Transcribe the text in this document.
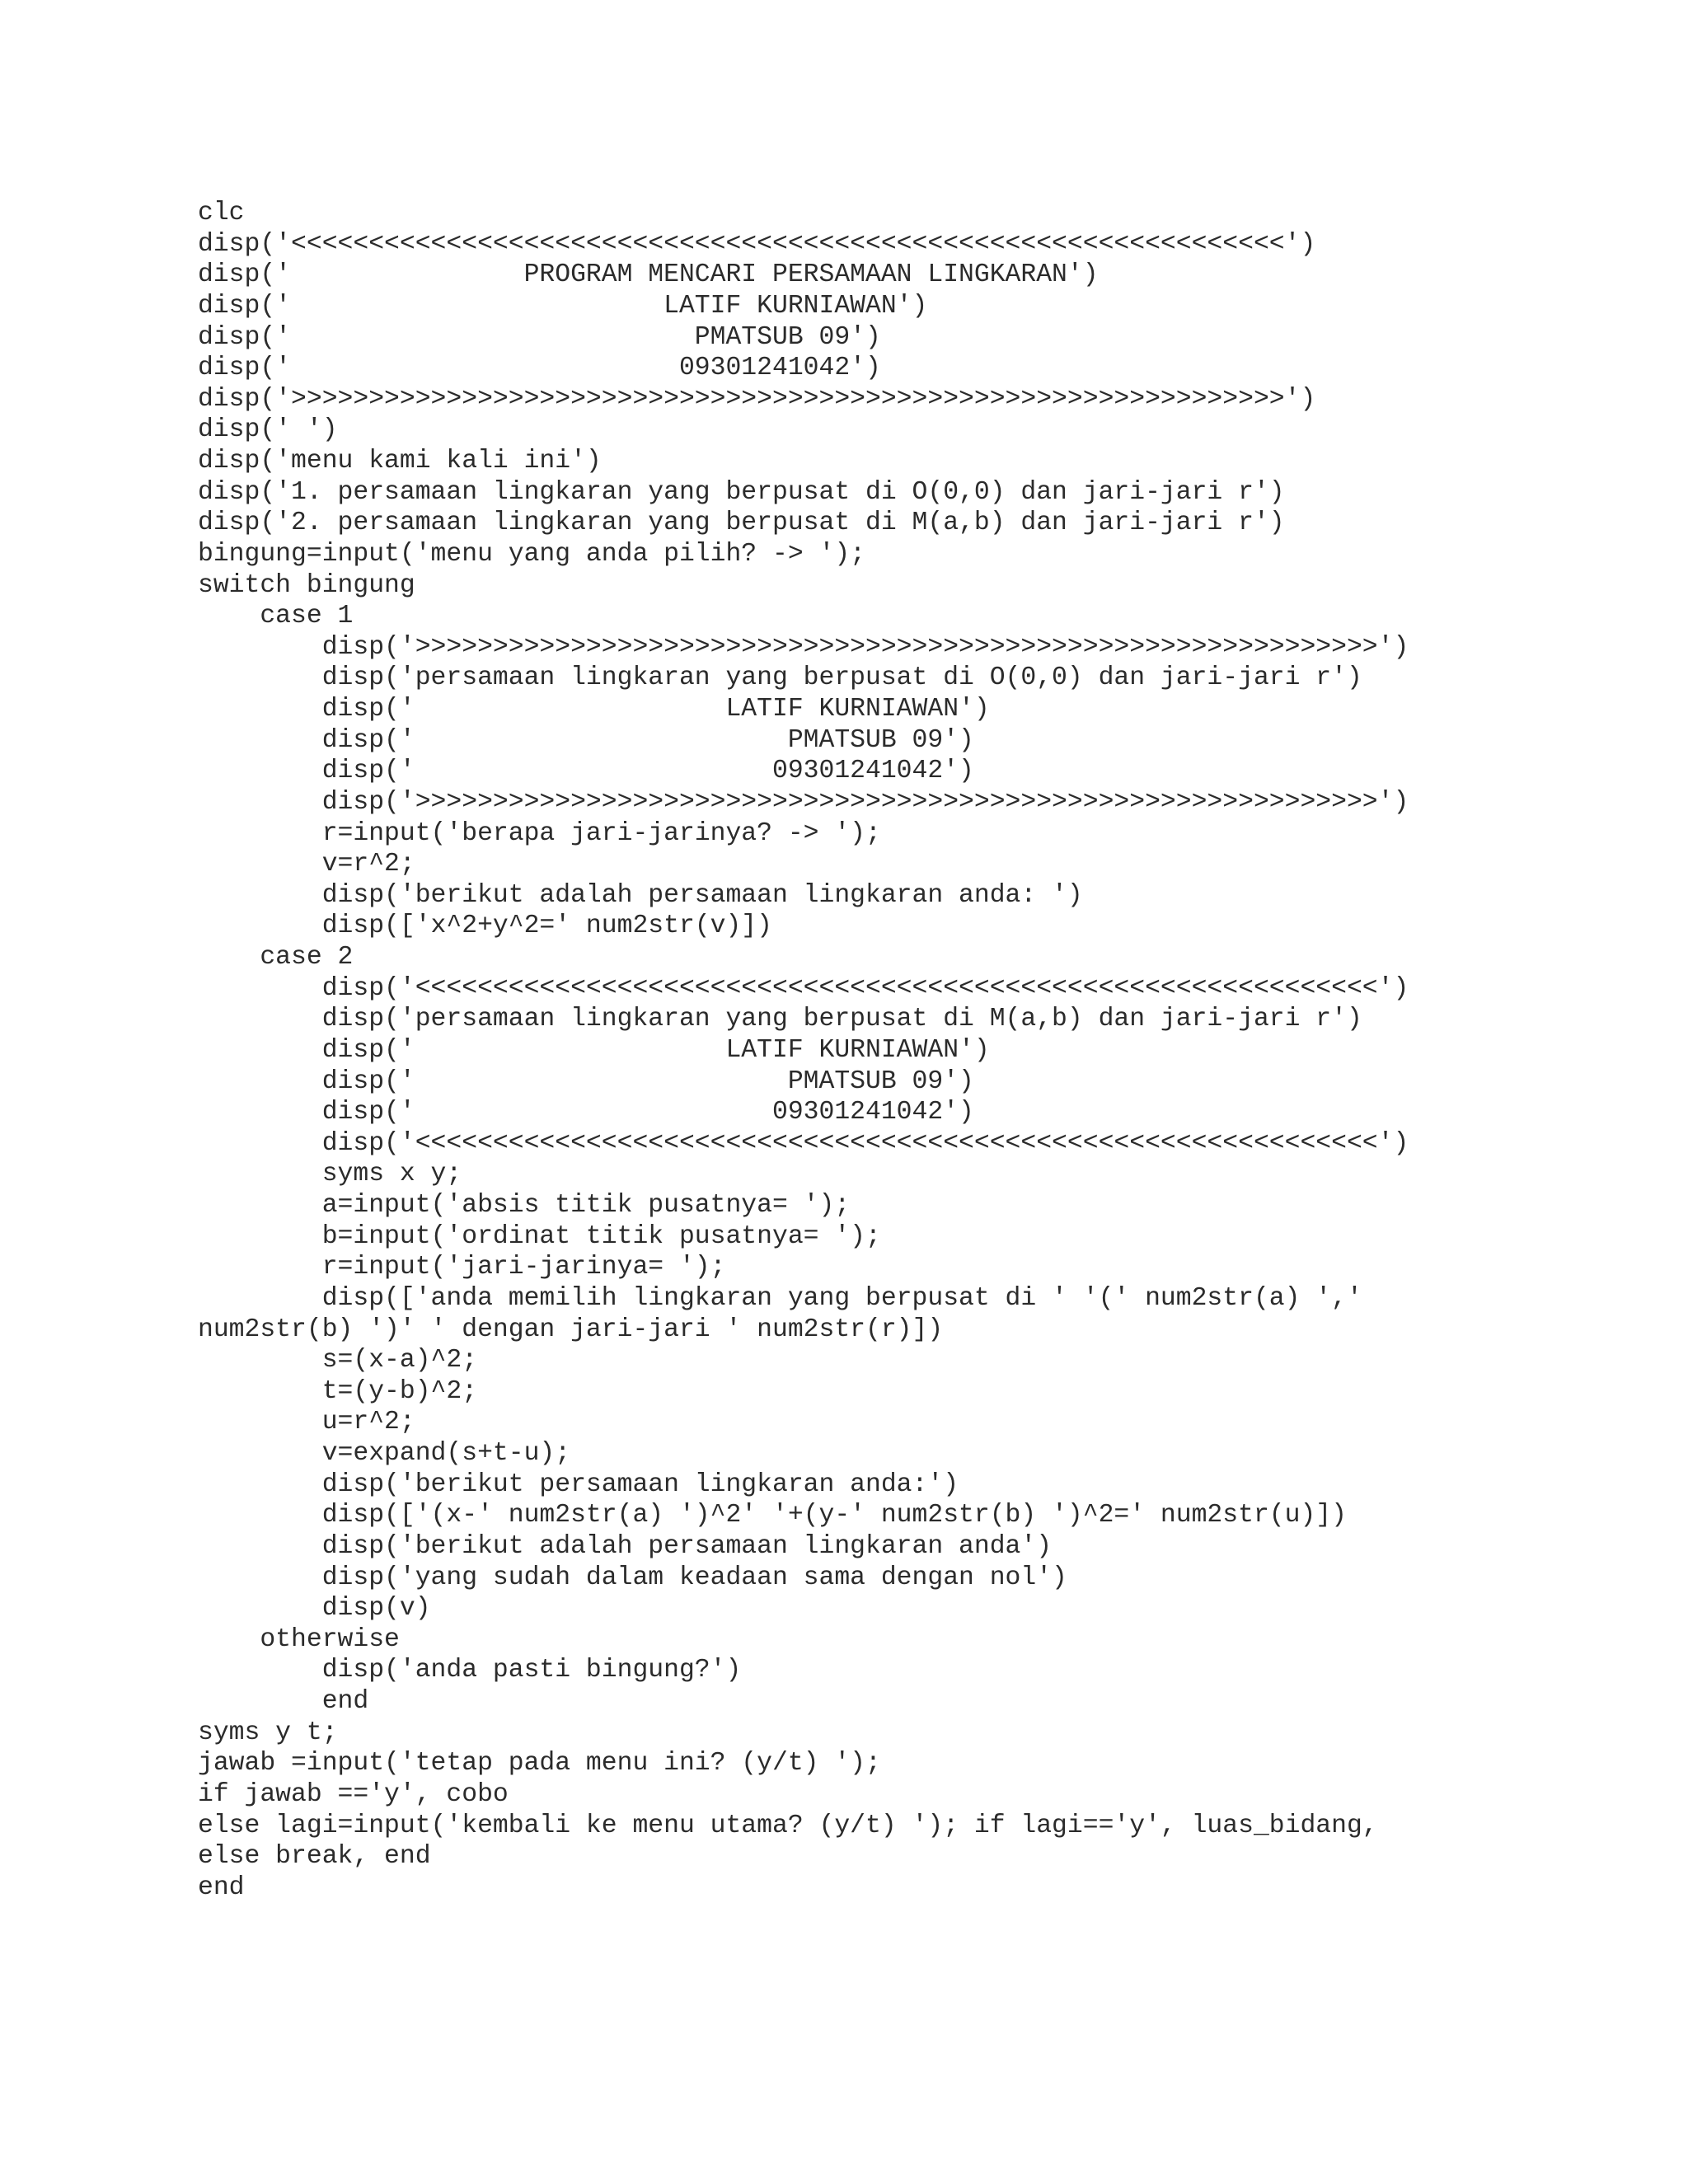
clc
disp('<<<<<<<<<<<<<<<<<<<<<<<<<<<<<<<<<<<<<<<<<<<<<<<<<<<<<<<<<<<<<<<<')
disp('               PROGRAM MENCARI PERSAMAAN LINGKARAN')
disp('                        LATIF KURNIAWAN')
disp('                          PMATSUB 09')
disp('                         09301241042')
disp('>>>>>>>>>>>>>>>>>>>>>>>>>>>>>>>>>>>>>>>>>>>>>>>>>>>>>>>>>>>>>>>>')
disp(' ')
disp('menu kami kali ini')
disp('1. persamaan lingkaran yang berpusat di O(0,0) dan jari-jari r')
disp('2. persamaan lingkaran yang berpusat di M(a,b) dan jari-jari r')
bingung=input('menu yang anda pilih? -> ');
switch bingung
case 1
disp('>>>>>>>>>>>>>>>>>>>>>>>>>>>>>>>>>>>>>>>>>>>>>>>>>>>>>>>>>>>>>>')
disp('persamaan lingkaran yang berpusat di O(0,0) dan jari-jari r')
disp('                    LATIF KURNIAWAN')
disp('                        PMATSUB 09')
disp('                       09301241042')
disp('>>>>>>>>>>>>>>>>>>>>>>>>>>>>>>>>>>>>>>>>>>>>>>>>>>>>>>>>>>>>>>')
r=input('berapa jari-jarinya? -> ');
v=r^2;
disp('berikut adalah persamaan lingkaran anda: ')
disp(['x^2+y^2=' num2str(v)])
case 2
disp('<<<<<<<<<<<<<<<<<<<<<<<<<<<<<<<<<<<<<<<<<<<<<<<<<<<<<<<<<<<<<<')
disp('persamaan lingkaran yang berpusat di M(a,b) dan jari-jari r')
disp('                    LATIF KURNIAWAN')
disp('                        PMATSUB 09')
disp('                       09301241042')
disp('<<<<<<<<<<<<<<<<<<<<<<<<<<<<<<<<<<<<<<<<<<<<<<<<<<<<<<<<<<<<<<')
syms x y;
a=input('absis titik pusatnya= ');
b=input('ordinat titik pusatnya= ');
r=input('jari-jarinya= ');
disp(['anda memilih lingkaran yang berpusat di ' '(' num2str(a) ','
num2str(b) ')' ' dengan jari-jari ' num2str(r)])
s=(x-a)^2;
t=(y-b)^2;
u=r^2;
v=expand(s+t-u);
disp('berikut persamaan lingkaran anda:')
disp(['(x-' num2str(a) ')^2' '+(y-' num2str(b) ')^2=' num2str(u)])
disp('berikut adalah persamaan lingkaran anda')
disp('yang sudah dalam keadaan sama dengan nol')
disp(v)
otherwise
disp('anda pasti bingung?')
end
syms y t;
jawab =input('tetap pada menu ini? (y/t) ');
if jawab =='y', cobo
else lagi=input('kembali ke menu utama? (y/t) '); if lagi=='y', luas_bidang,
else break, end
end
